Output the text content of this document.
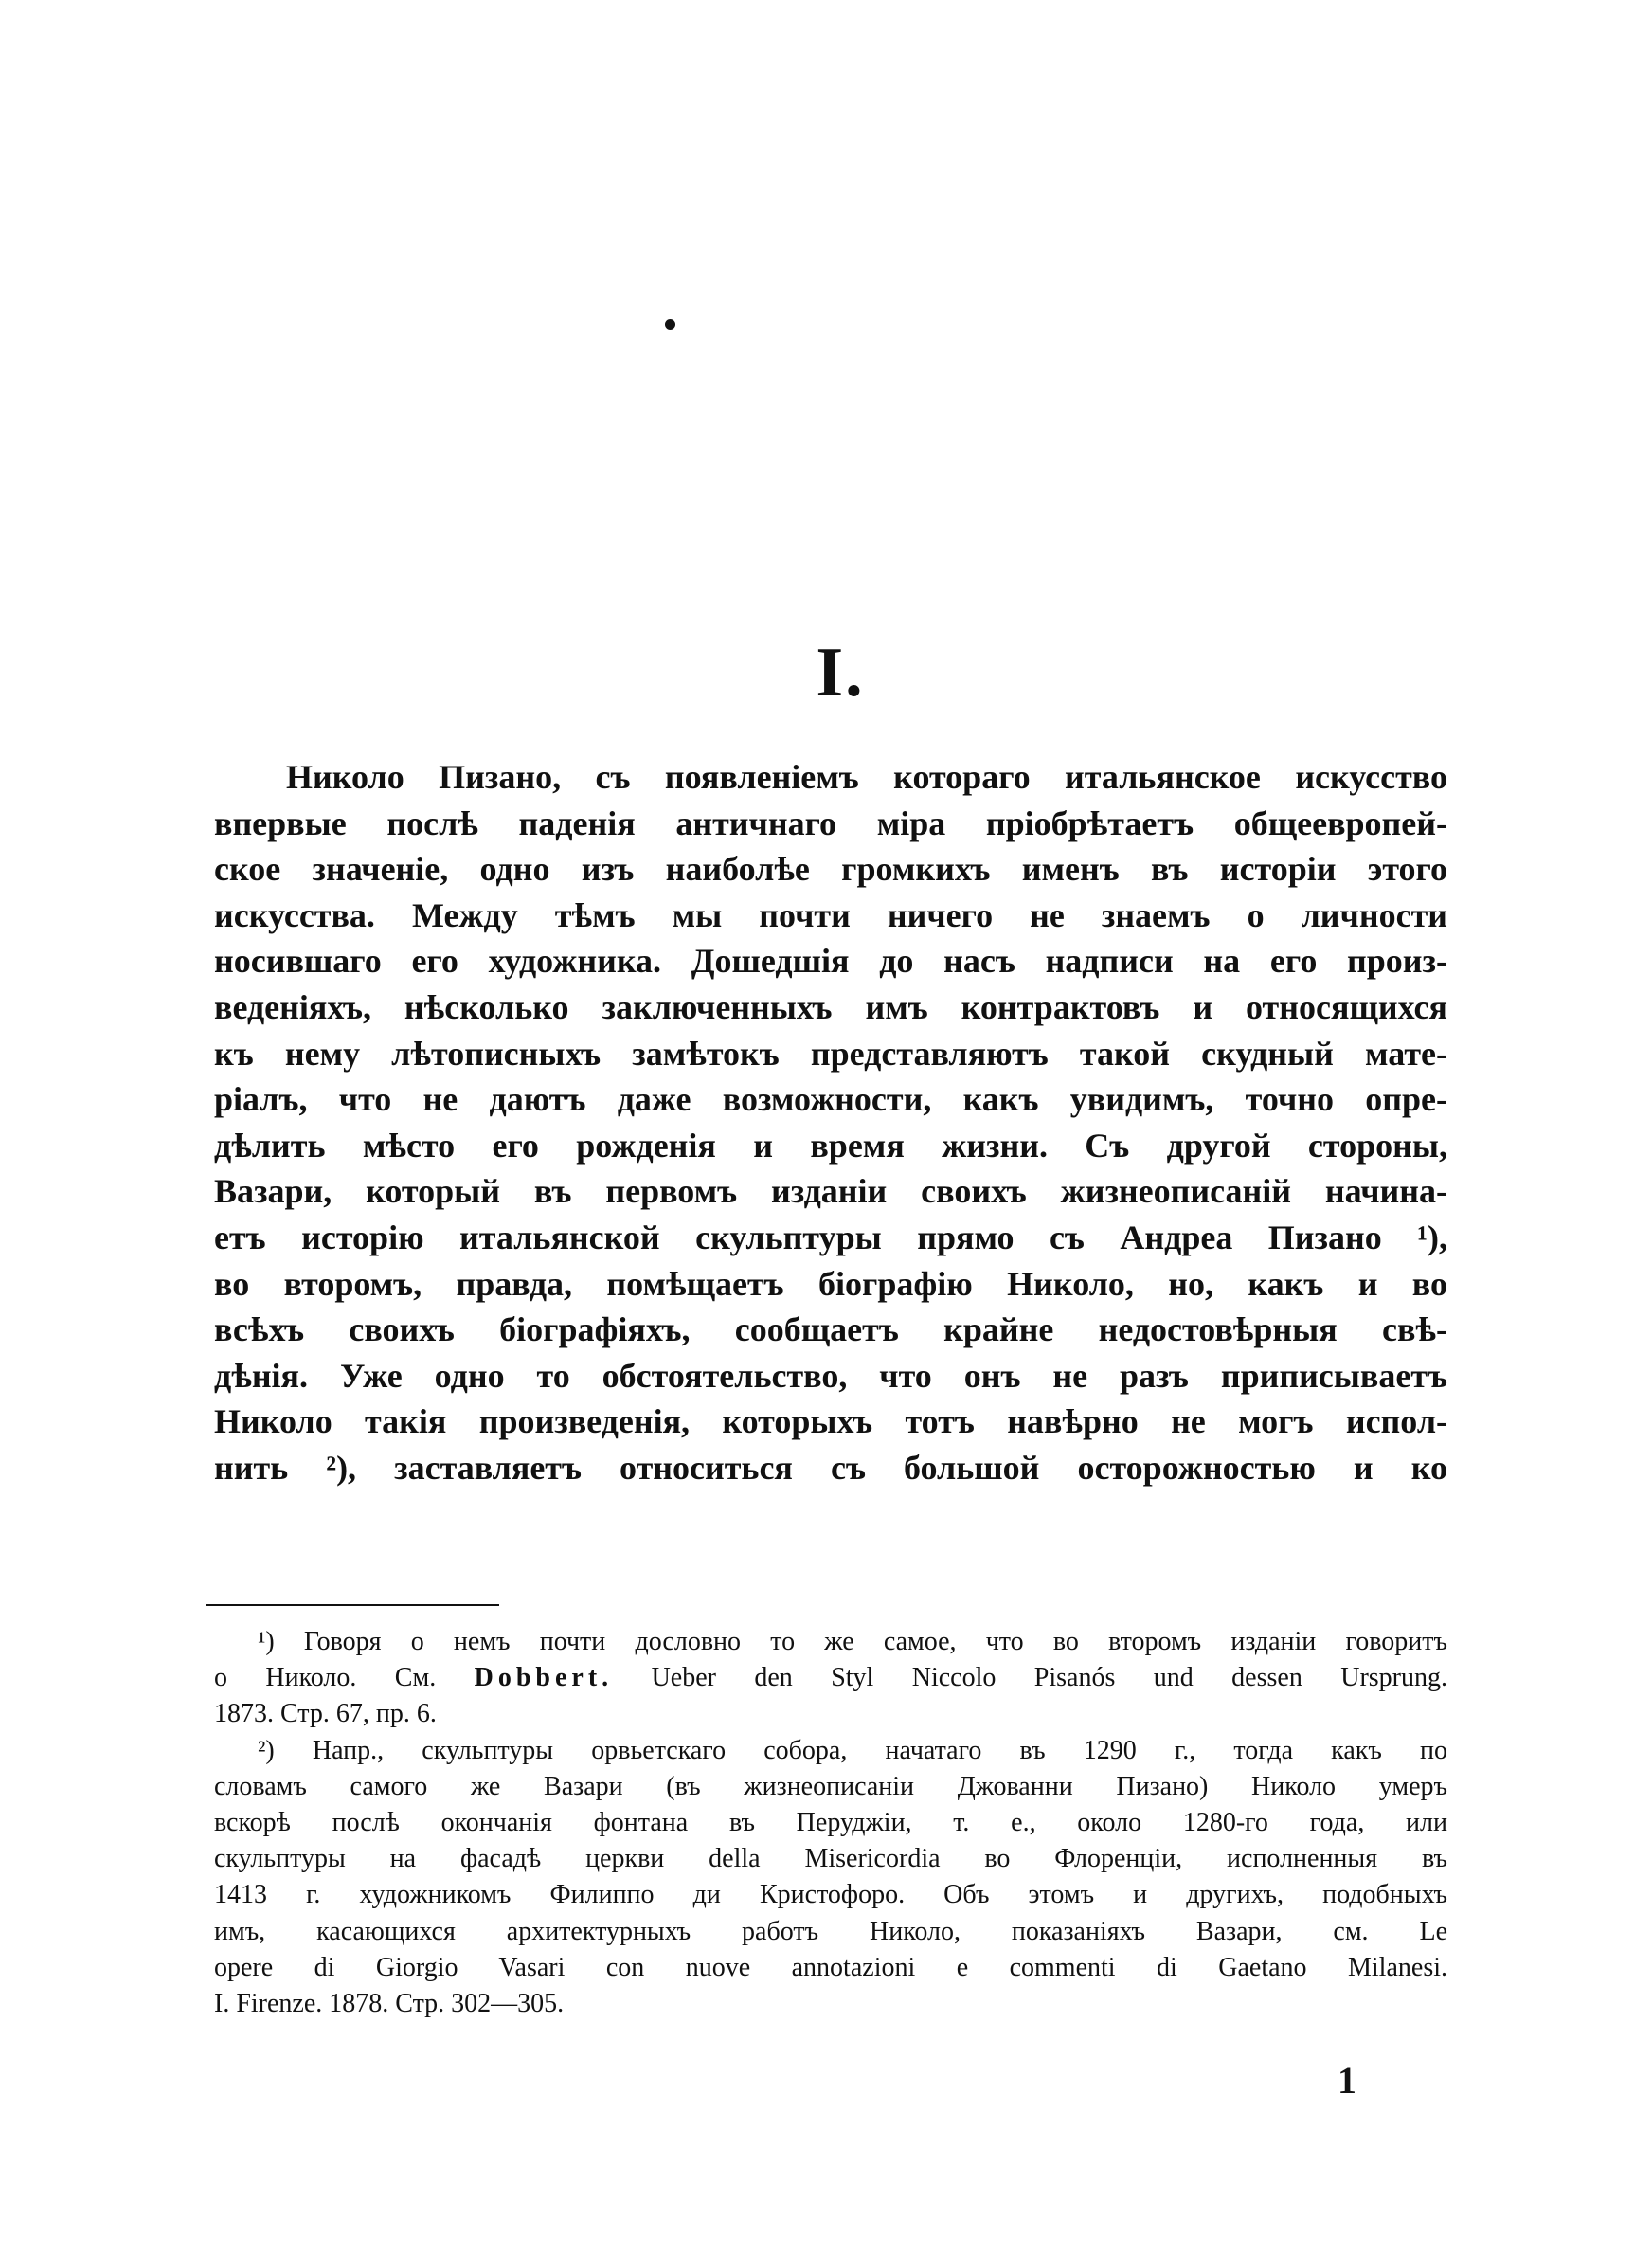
I.
Николо Пизано, съ появленіемъ котораго итальянское искусство
впервые послѣ паденія античнаго міра пріобрѣтаетъ общеевропей-
ское значеніе, одно изъ наиболѣе громкихъ именъ въ исторіи этого
искусства. Между тѣмъ мы почти ничего не знаемъ о личности
носившаго его художника. Дошедшія до насъ надписи на его произ-
веденіяхъ, нѣсколько заключенныхъ имъ контрактовъ и относящихся
къ нему лѣтописныхъ замѣтокъ представляютъ такой скудный мате-
ріалъ, что не даютъ даже возможности, какъ увидимъ, точно опре-
дѣлить мѣсто его рожденія и время жизни. Съ другой стороны,
Вазари, который въ первомъ изданіи своихъ жизнеописаній начина-
етъ исторію итальянской скульптуры прямо съ Андреа Пизано ¹),
во второмъ, правда, помѣщаетъ біографію Николо, но, какъ и во
всѣхъ своихъ біографіяхъ, сообщаетъ крайне недостовѣрныя свѣ-
дѣнія. Уже одно то обстоятельство, что онъ не разъ приписываетъ
Николо такія произведенія, которыхъ тотъ навѣрно не могъ испол-
нить ²), заставляетъ относиться съ большой осторожностью и ко
¹) Говоря о немъ почти дословно то же самое, что во второмъ изданіи говоритъ
о Николо. См. Dobbert. Ueber den Styl Niccolo Pisanós und dessen Ursprung.
1873. Стр. 67, пр. 6.
²) Напр., скульптуры орвьетскаго собора, начатаго въ 1290 г., тогда какъ по
словамъ самого же Вазари (въ жизнеописаніи Джованни Пизано) Николо умеръ
вскорѣ послѣ окончанія фонтана въ Перуджіи, т. е., около 1280-го года, или
скульптуры на фасадѣ церкви della Misericordia во Флоренціи, исполненныя въ
1413 г. художникомъ Филиппо ди Кристофоро. Объ этомъ и другихъ, подобныхъ
имъ, касающихся архитектурныхъ работъ Николо, показаніяхъ Вазари, см. Le
opere di Giorgio Vasari con nuove annotazioni e commenti di Gaetano Milanesi.
I. Firenze. 1878. Стр. 302—305.
1
